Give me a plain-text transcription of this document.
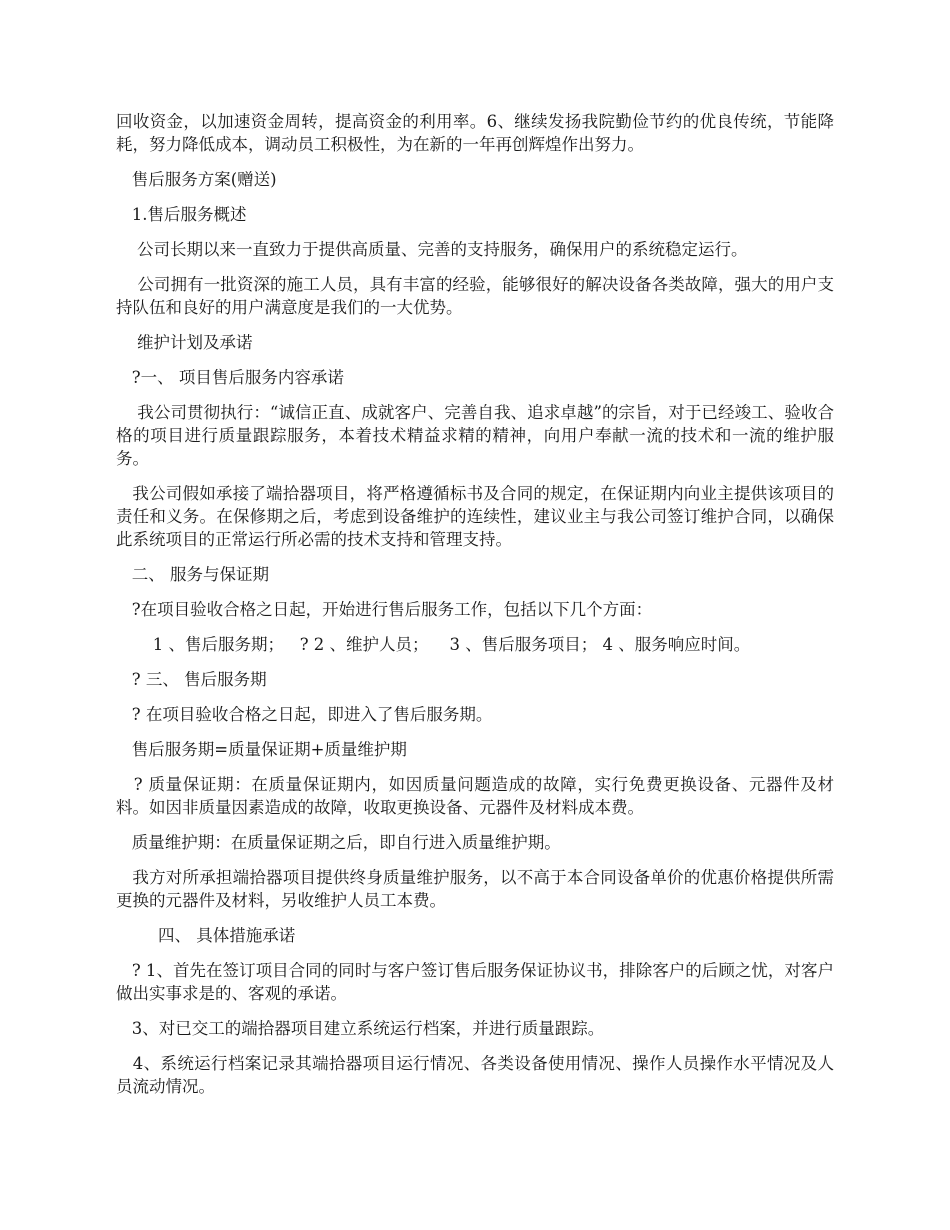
回收资金，以加速资金周转，提高资金的利用率。6、继续发扬我院勤俭节约的优良传统，节能降耗，努力降低成本，调动员工积极性，为在新的一年再创辉煌作出努力。

售后服务方案(赠送)

1.售后服务概述

公司长期以来一直致力于提供高质量、完善的支持服务，确保用户的系统稳定运行。

公司拥有一批资深的施工人员，具有丰富的经验，能够很好的解决设备各类故障，强大的用户支持队伍和良好的用户满意度是我们的一大优势。

维护计划及承诺

?一、 项目售后服务内容承诺

我公司贯彻执行：“诚信正直、成就客户、完善自我、追求卓越”的宗旨，对于已经竣工、验收合格的项目进行质量跟踪服务，本着技术精益求精的精神，向用户奉献一流的技术和一流的维护服务。

我公司假如承接了端拾器项目，将严格遵循标书及合同的规定，在保证期内向业主提供该项目的责任和义务。在保修期之后，考虑到设备维护的连续性，建议业主与我公司签订维护合同，以确保此系统项目的正常运行所必需的技术支持和管理支持。

二、 服务与保证期

?在项目验收合格之日起，开始进行售后服务工作，包括以下几个方面：

1 、售后服务期；   ? 2 、维护人员；    3 、售后服务项目； 4 、服务响应时间。

? 三、 售后服务期

? 在项目验收合格之日起，即进入了售后服务期。

售后服务期=质量保证期+质量维护期

? 质量保证期：在质量保证期内，如因质量问题造成的故障，实行免费更换设备、元器件及材料。如因非质量因素造成的故障，收取更换设备、元器件及材料成本费。

质量维护期：在质量保证期之后，即自行进入质量维护期。

我方对所承担端拾器项目提供终身质量维护服务，以不高于本合同设备单价的优惠价格提供所需更换的元器件及材料，另收维护人员工本费。

四、 具体措施承诺

? 1、首先在签订项目合同的同时与客户签订售后服务保证协议书，排除客户的后顾之忧，对客户做出实事求是的、客观的承诺。

3、对已交工的端拾器项目建立系统运行档案，并进行质量跟踪。

4、系统运行档案记录其端拾器项目运行情况、各类设备使用情况、操作人员操作水平情况及人员流动情况。
